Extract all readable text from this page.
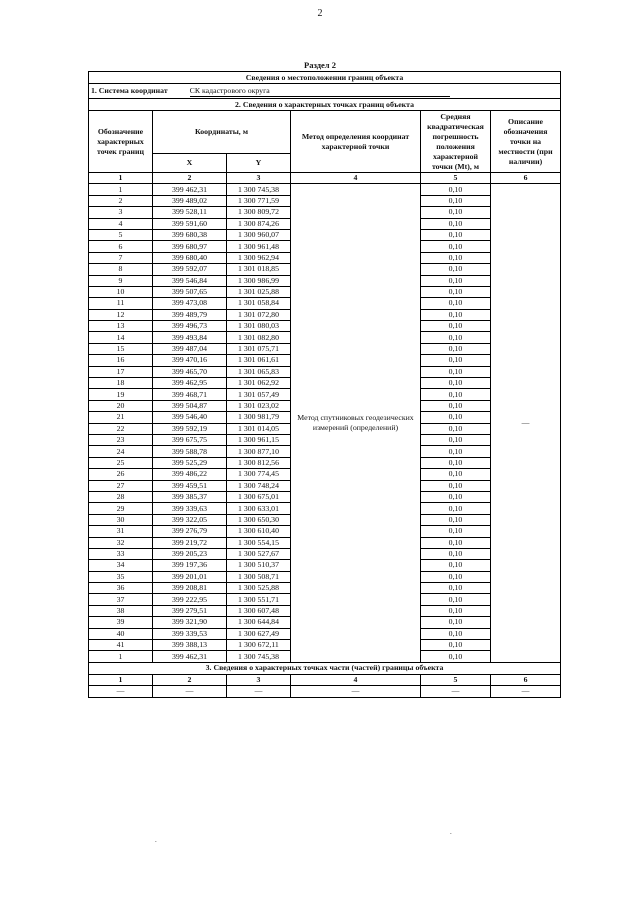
2
Раздел 2
Сведения о местоположении границ объекта					
1. Система координат СК кадастрового округа					
2. Сведения о характерных точках границ объекта					
Обозначение характерных точек границ	Координаты, м		Метод определения координат характерной точки	Средняя квадратическая погрешность положения характерной точки (Mt), м	Описание обозначения точки на местности (при наличии)
	X	Y			
1	2	3	4	5	6
1	399 462,31	1 300 745,38	Метод спутниковых геодезических измерений (определений)	0,10	—
2	399 489,02	1 300 771,59		0,10	
3	399 528,11	1 300 809,72		0,10	
4	399 591,60	1 300 874,26		0,10	
5	399 680,38	1 300 960,07		0,10	
6	399 680,97	1 300 961,48		0,10	
7	399 680,40	1 300 962,94		0,10	
8	399 592,07	1 301 018,85		0,10	
9	399 546,84	1 300 986,99		0,10	
10	399 507,65	1 301 025,88		0,10	
11	399 473,08	1 301 058,84		0,10	
12	399 489,79	1 301 072,80		0,10	
13	399 496,73	1 301 080,03		0,10	
14	399 493,84	1 301 082,80		0,10	
15	399 487,04	1 301 075,71		0,10	
16	399 470,16	1 301 061,61		0,10	
17	399 465,70	1 301 065,83		0,10	
18	399 462,95	1 301 062,92		0,10	
19	399 468,71	1 301 057,49		0,10	
20	399 504,87	1 301 023,02		0,10	
21	399 546,40	1 300 981,79		0,10	
22	399 592,19	1 301 014,05		0,10	
23	399 675,75	1 300 961,15		0,10	
24	399 588,78	1 300 877,10		0,10	
25	399 525,29	1 300 812,56		0,10	
26	399 486,22	1 300 774,45		0,10	
27	399 459,51	1 300 748,24		0,10	
28	399 385,37	1 300 675,01		0,10	
29	399 339,63	1 300 633,01		0,10	
30	399 322,05	1 300 650,30		0,10	
31	399 276,79	1 300 610,40		0,10	
32	399 219,72	1 300 554,15		0,10	
33	399 205,23	1 300 527,67		0,10	
34	399 197,36	1 300 510,37		0,10	
35	399 201,01	1 300 508,71		0,10	
36	399 208,81	1 300 525,88		0,10	
37	399 222,95	1 300 551,71		0,10	
38	399 279,51	1 300 607,48		0,10	
39	399 321,90	1 300 644,84		0,10	
40	399 339,53	1 300 627,49		0,10	
41	399 388,13	1 300 672,11		0,10	
1	399 462,31	1 300 745,38		0,10	
3. Сведения о характерных точках части (частей) границы объекта					
1	2	3	4	5	6
—	—	—	—	—	—
.
.
